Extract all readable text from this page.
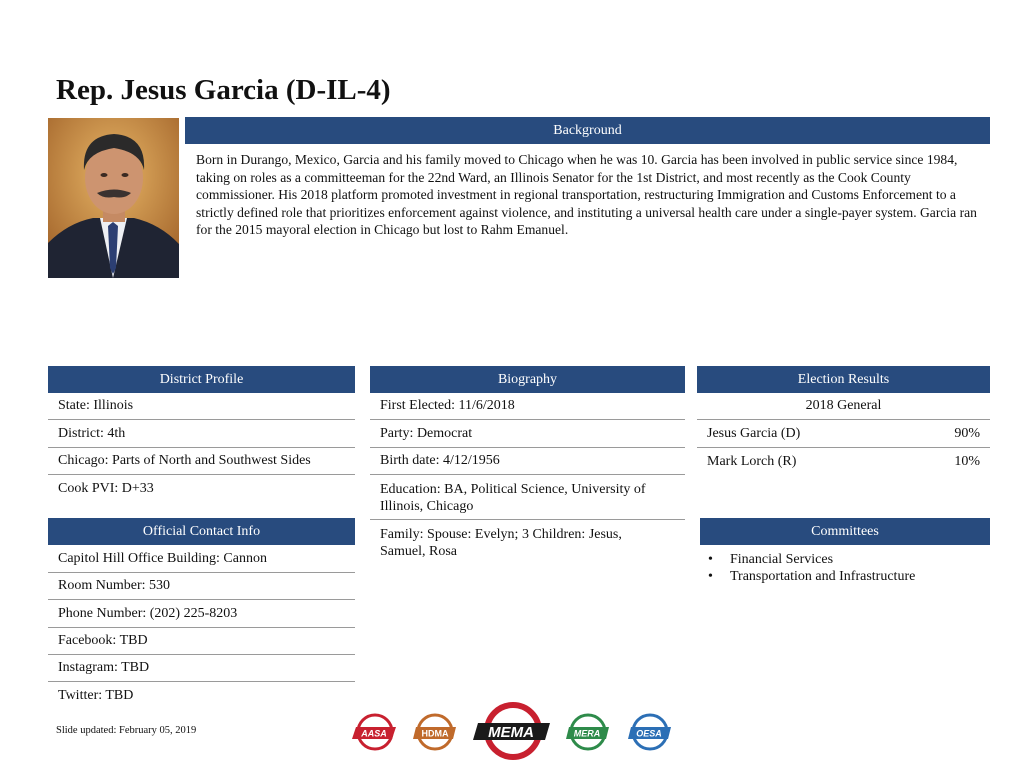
Rep. Jesus Garcia (D-IL-4)
Background
Born in Durango, Mexico, Garcia and his family moved to Chicago when he was 10. Garcia has been involved in public service since 1984, taking on roles as a committeeman for the 22nd Ward, an Illinois Senator for the 1st District, and most recently as the Cook County commissioner. His 2018 platform promoted investment in regional transportation, restructuring Immigration and Customs Enforcement to a strictly defined role that prioritizes enforcement against violence, and instituting a universal health care under a single-payer system. Garcia ran for the 2015 mayoral election in Chicago but lost to Rahm Emanuel.
District Profile
State: Illinois
District: 4th
Chicago: Parts of North and Southwest Sides
Cook PVI: D+33
Official Contact Info
Capitol Hill Office Building: Cannon
Room Number: 530
Phone Number: (202) 225-8203
Facebook: TBD
Instagram: TBD
Twitter: TBD
Biography
First Elected: 11/6/2018
Party: Democrat
Birth date: 4/12/1956
Education: BA, Political Science, University of Illinois, Chicago
Family: Spouse: Evelyn; 3 Children: Jesus, Samuel, Rosa
Election Results
2018 General
Jesus Garcia (D)	90%
Mark Lorch (R)	10%
Committees
•	Financial Services
•	Transportation and Infrastructure
Slide updated: February 05, 2019	AASA	HDMA	MEMA	MERA	OESA
